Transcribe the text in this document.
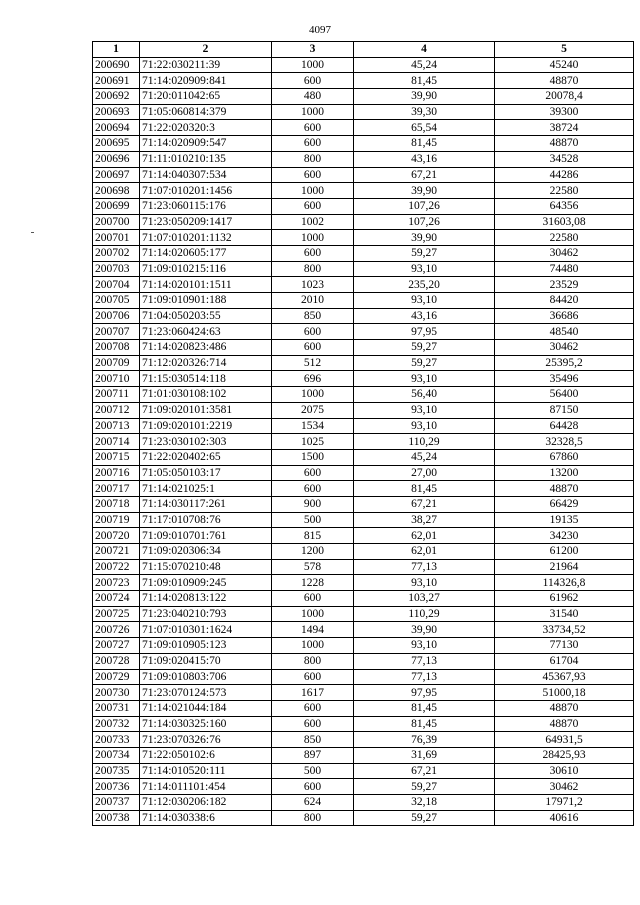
4097
1	2	3	4	5
200690	71:22:030211:39	1000	45,24	45240
200691	71:14:020909:841	600	81,45	48870
200692	71:20:011042:65	480	39,90	20078,4
200693	71:05:060814:379	1000	39,30	39300
200694	71:22:020320:3	600	65,54	38724
200695	71:14:020909:547	600	81,45	48870
200696	71:11:010210:135	800	43,16	34528
200697	71:14:040307:534	600	67,21	44286
200698	71:07:010201:1456	1000	39,90	22580
200699	71:23:060115:176	600	107,26	64356
200700	71:23:050209:1417	1002	107,26	31603,08
200701	71:07:010201:1132	1000	39,90	22580
200702	71:14:020605:177	600	59,27	30462
200703	71:09:010215:116	800	93,10	74480
200704	71:14:020101:1511	1023	235,20	23529
200705	71:09:010901:188	2010	93,10	84420
200706	71:04:050203:55	850	43,16	36686
200707	71:23:060424:63	600	97,95	48540
200708	71:14:020823:486	600	59,27	30462
200709	71:12:020326:714	512	59,27	25395,2
200710	71:15:030514:118	696	93,10	35496
200711	71:01:030108:102	1000	56,40	56400
200712	71:09:020101:3581	2075	93,10	87150
200713	71:09:020101:2219	1534	93,10	64428
200714	71:23:030102:303	1025	110,29	32328,5
200715	71:22:020402:65	1500	45,24	67860
200716	71:05:050103:17	600	27,00	13200
200717	71:14:021025:1	600	81,45	48870
200718	71:14:030117:261	900	67,21	66429
200719	71:17:010708:76	500	38,27	19135
200720	71:09:010701:761	815	62,01	34230
200721	71:09:020306:34	1200	62,01	61200
200722	71:15:070210:48	578	77,13	21964
200723	71:09:010909:245	1228	93,10	114326,8
200724	71:14:020813:122	600	103,27	61962
200725	71:23:040210:793	1000	110,29	31540
200726	71:07:010301:1624	1494	39,90	33734,52
200727	71:09:010905:123	1000	93,10	77130
200728	71:09:020415:70	800	77,13	61704
200729	71:09:010803:706	600	77,13	45367,93
200730	71:23:070124:573	1617	97,95	51000,18
200731	71:14:021044:184	600	81,45	48870
200732	71:14:030325:160	600	81,45	48870
200733	71:23:070326:76	850	76,39	64931,5
200734	71:22:050102:6	897	31,69	28425,93
200735	71:14:010520:111	500	67,21	30610
200736	71:14:011101:454	600	59,27	30462
200737	71:12:030206:182	624	32,18	17971,2
200738	71:14:030338:6	800	59,27	40616
